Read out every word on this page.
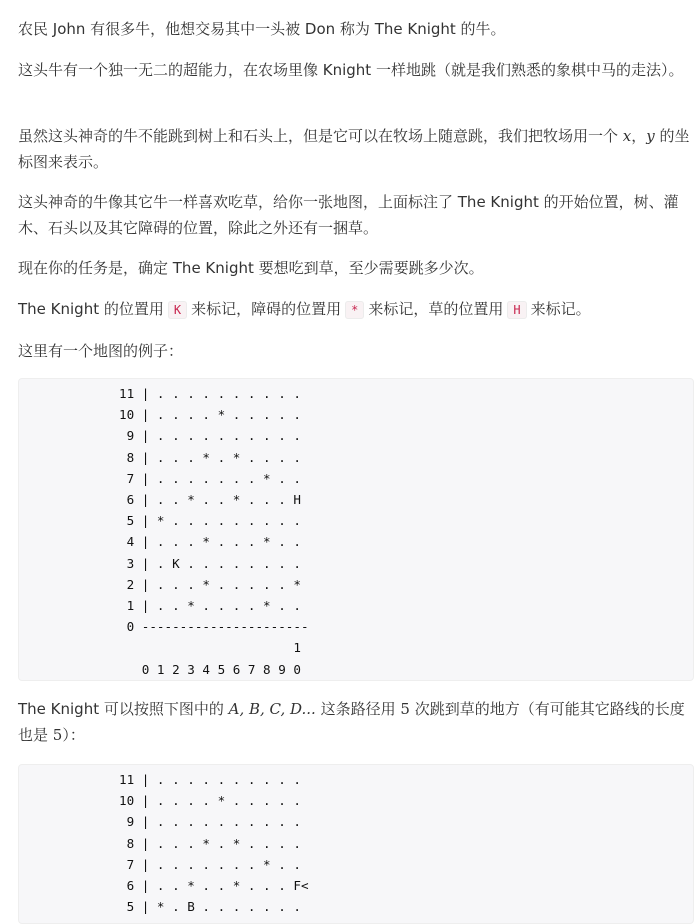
农民 John 有很多牛，他想交易其中一头被 Don 称为 The Knight 的牛。

这头牛有一个独一无二的超能力，在农场里像 Knight 一样地跳（就是我们熟悉的象棋中马的走法）。

虽然这头神奇的牛不能跳到树上和石头上，但是它可以在牧场上随意跳，我们把牧场用一个 x，y 的坐标图来表示。

这头神奇的牛像其它牛一样喜欢吃草，给你一张地图，上面标注了 The Knight 的开始位置，树、灌木、石头以及其它障碍的位置，除此之外还有一捆草。

现在你的任务是，确定 The Knight 要想吃到草，至少需要跳多少次。

The Knight 的位置用 K 来标记，障碍的位置用 * 来标记，草的位置用 H 来标记。

这里有一个地图的例子：

11 | . . . . . . . . . .
10 | . . . . * . . . . .
9 | . . . . . . . . . .
8 | . . . * . * . . . .
7 | . . . . . . . * . .
6 | . . * . . * . . . H
5 | * . . . . . . . . .
4 | . . . * . . . * . .
3 | . K . . . . . . . .
2 | . . . * . . . . . *
1 | . . * . . . . * . .
0 ----------------------
1
0 1 2 3 4 5 6 7 8 9 0

The Knight 可以按照下图中的 A, B, C, D... 这条路径用 5 次跳到草的地方（有可能其它路线的长度也是 5）：

11 | . . . . . . . . . .
10 | . . . . * . . . . .
9 | . . . . . . . . . .
8 | . . . * . * . . . .
7 | . . . . . . . * . .
6 | . . * . . * . . . F<
5 | * . B . . . . . . .
